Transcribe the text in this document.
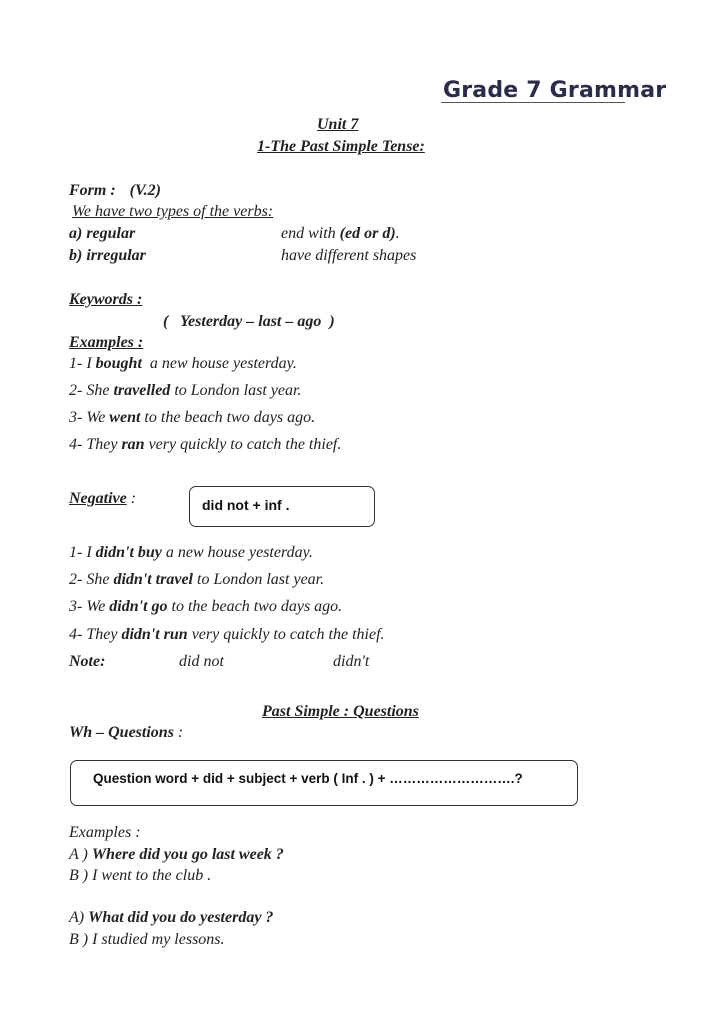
Grade 7 Grammar
Unit 7
1-The Past Simple Tense:
Form : (V.2)
We have two types of the verbs:
a) regular	end with (ed or d).
b) irregular	have different shapes
Keywords :
(   Yesterday – last – ago  )
Examples :
1- I bought  a new house yesterday.
2- She travelled to London last year.
3- We went to the beach two days ago.
4- They ran very quickly to catch the thief.
Negative :	did not + inf .
1- I didn't buy a new house yesterday.
2- She didn't travel to London last year.
3- We didn't go to the beach two days ago.
4- They didn't run very quickly to catch the thief.
Note:	did not	didn't
Past Simple : Questions
Wh – Questions :
Question word + did + subject + verb ( Inf . ) + ……………………….?
Examples :
A ) Where did you go last week ?
B ) I went to the club .
A) What did you do yesterday ?
B ) I studied my lessons.
